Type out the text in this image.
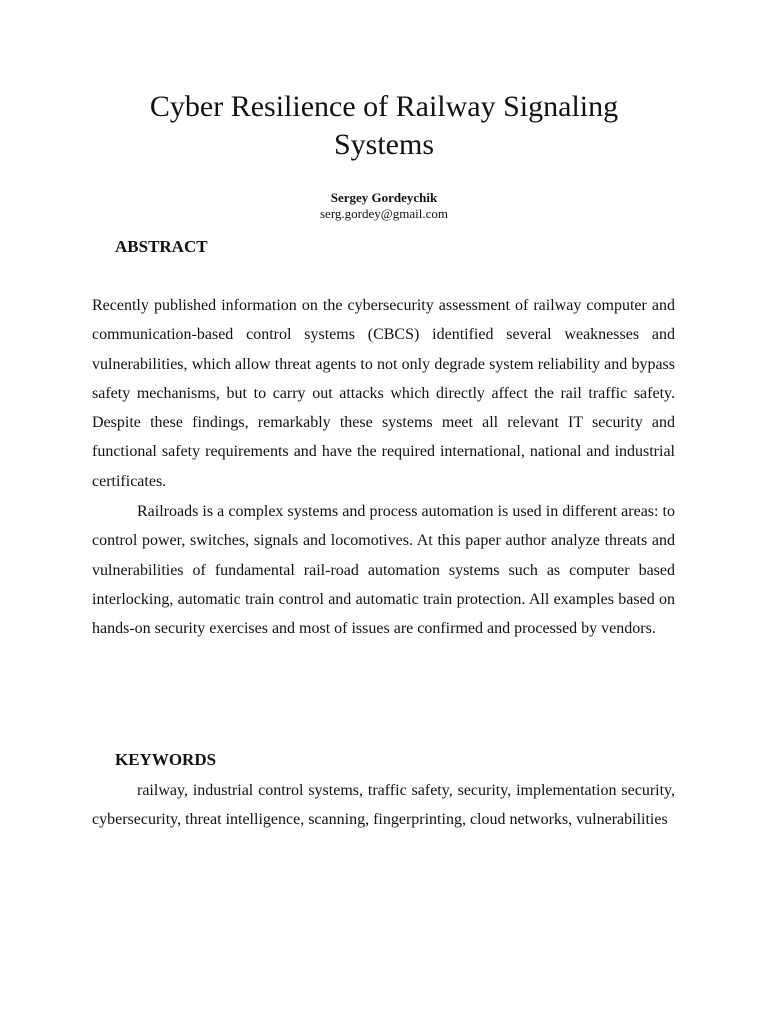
Cyber Resilience of Railway Signaling
Systems
Sergey Gordeychik
serg.gordey@gmail.com
ABSTRACT

Recently published information on the cybersecurity assessment of railway computer and communication-based control systems (CBCS) identified several weaknesses and vulnerabilities, which allow threat agents to not only degrade system reliability and bypass safety mechanisms, but to carry out attacks which directly affect the rail traffic safety. Despite these findings, remarkably these systems meet all relevant IT security and functional safety requirements and have the required international, national and industrial certificates.

Railroads is a complex systems and process automation is used in different areas: to control power, switches, signals and locomotives. At this paper author analyze threats and vulnerabilities of fundamental rail-road automation systems such as computer based interlocking, automatic train control and automatic train protection. All examples based on hands-on security exercises and most of issues are confirmed and processed by vendors.

KEYWORDS

railway, industrial control systems, traffic safety, security, implementation security, cybersecurity, threat intelligence, scanning, fingerprinting, cloud networks, vulnerabilities
